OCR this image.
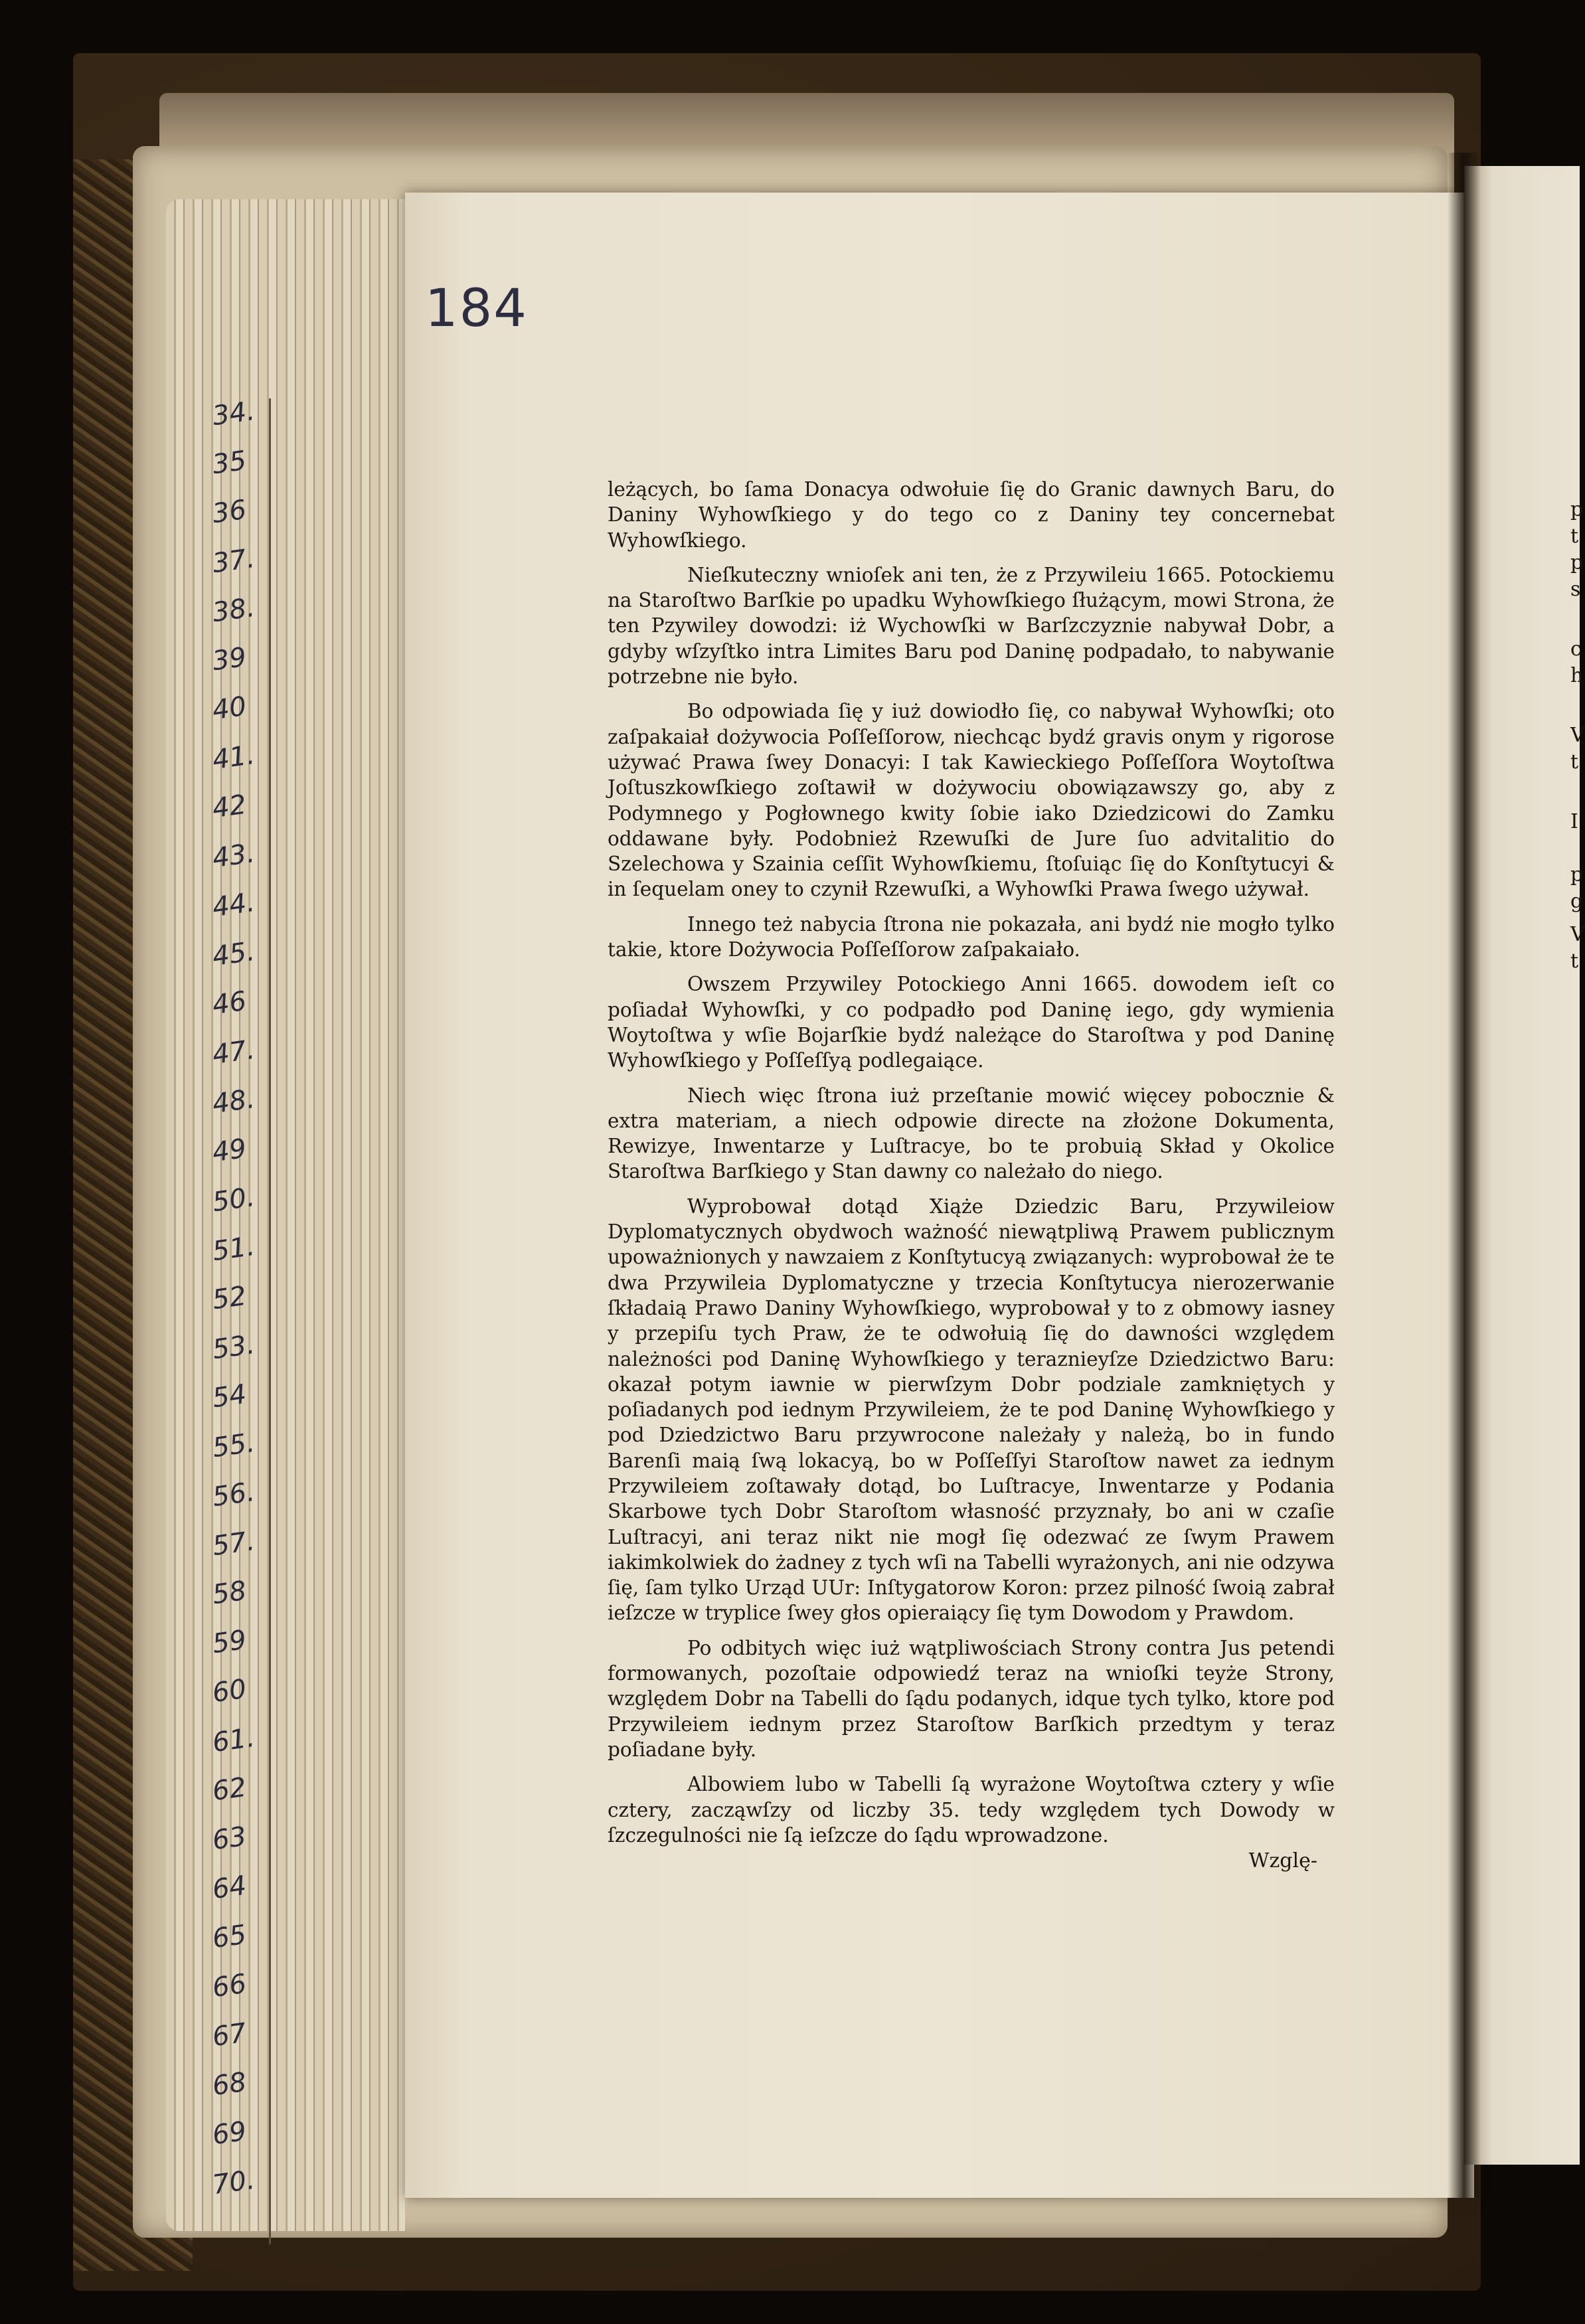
34.
35
36
37.
38.
39
40
41.
42
43.
44.
45.
46
47.
48.
49
50.
51.
52
53.
54
55.
56.
57.
58
59
60
61.
62
63
64
65
66
67
68
69
70.
p
t
p
s
c
h
V
t
I
p
g
V
t
184

leżących, bo ſama Donacya odwołuie ſię do Granic dawnych Baru, do Daniny Wyhowſkiego y do tego co z Daniny tey concernebat Wyhowſkiego.

Nieſkuteczny wnioſek ani ten, że z Przywileiu 1665. Potockiemu na Staroſtwo Barſkie po upadku Wyhowſkiego ſłużącym, mowi Strona, że ten Pzywiley dowodzi: iż Wychowſki w Barſzczyznie nabywał Dobr, a gdyby wſzyſtko intra Limites Baru pod Daninę podpadało, to nabywanie potrzebne nie było.

Bo odpowiada ſię y iuż dowiodło ſię, co nabywał Wyhowſki; oto zaſpakaiał dożywocia Poſſeſſorow, niechcąc bydź gravis onym y rigorose używać Prawa ſwey Donacyi: I tak Kawieckiego Poſſeſſora Woytoſtwa Joſtuszkowſkiego zoſtawił w dożywociu obowiązawszy go, aby z Podymnego y Pogłownego kwity ſobie iako Dziedzicowi do Zamku oddawane były. Podobnież Rzewuſki de Jure ſuo advitalitio do Szelechowa y Szainia ceſſit Wyhowſkiemu, ſtoſuiąc ſię do Konſtytucyi & in ſequelam oney to czynił Rzewuſki, a Wyhowſki Prawa ſwego używał.

Innego też nabycia ſtrona nie pokazała, ani bydź nie mogło tylko takie, ktore Dożywocia Poſſeſſorow zaſpakaiało.

Owszem Przywiley Potockiego Anni 1665. dowodem ieſt co poſiadał Wyhowſki, y co podpadło pod Daninę iego, gdy wymienia Woytoſtwa y wſie Bojarſkie bydź należące do Staroſtwa y pod Daninę Wyhowſkiego y Poſſeſſyą podlegaiące.

Niech więc ſtrona iuż przeſtanie mowić więcey pobocznie & extra materiam, a niech odpowie directe na złożone Dokumenta, Rewizye, Inwentarze y Luſtracye, bo te probuią Skład y Okolice Staroſtwa Barſkiego y Stan dawny co należało do niego.

Wyprobował dotąd Xiąże Dziedzic Baru, Przywileiow Dyplomatycznych obydwoch ważność niewątpliwą Prawem publicznym upoważnionych y nawzaiem z Konſtytucyą związanych: wyprobował że te dwa Przywileia Dyplomatyczne y trzecia Konſtytucya nierozerwanie ſkładaią Prawo Daniny Wyhowſkiego, wyprobował y to z obmowy iasney y przepiſu tych Praw, że te odwołuią ſię do dawności względem należności pod Daninę Wyhowſkiego y teraznieyſze Dziedzictwo Baru: okazał potym iawnie w pierwſzym Dobr podziale zamkniętych y poſiadanych pod iednym Przywileiem, że te pod Daninę Wyhowſkiego y pod Dziedzictwo Baru przywrocone należały y należą, bo in fundo Barenſi maią ſwą lokacyą, bo w Poſſeſſyi Staroſtow nawet za iednym Przywileiem zoſtawały dotąd, bo Luſtracye, Inwentarze y Podania Skarbowe tych Dobr Staroſtom własność przyznały, bo ani w czaſie Luſtracyi, ani teraz nikt nie mogł ſię odezwać ze ſwym Prawem iakimkolwiek do żadney z tych wſi na Tabelli wyrażonych, ani nie odzywa ſię, ſam tylko Urząd UUr: Inſtygatorow Koron: przez pilność ſwoią zabrał ieſzcze w tryplice ſwey głos opieraiący ſię tym Dowodom y Prawdom.

Po odbitych więc iuż wątpliwościach Strony contra Jus petendi formowanych, pozoſtaie odpowiedź teraz na wnioſki teyże Strony, względem Dobr na Tabelli do ſądu podanych, idque tych tylko, ktore pod Przywileiem iednym przez Staroſtow Barſkich przedtym y teraz poſiadane były.

Albowiem lubo w Tabelli ſą wyrażone Woytoſtwa cztery y wſie cztery, zacząwſzy od liczby 35. tedy względem tych Dowody w ſzczegulności nie ſą ieſzcze do ſądu wprowadzone.

Wzglę-
